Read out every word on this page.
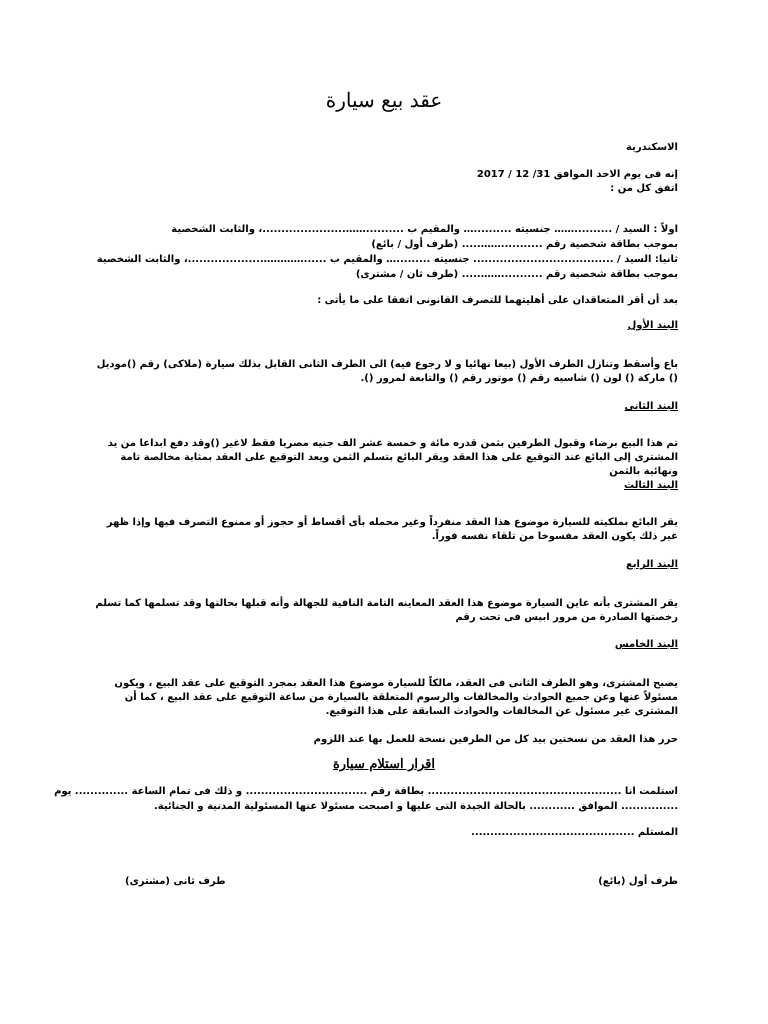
عقد بيع سيارة
الاسكندرية
إنه فى يوم الاحد الموافق 31/ 12 / 2017
اتفق كل من :
اولاً : السيد / ..........…… جنسيته ..........… والمقيم ب ..........……......................، والثابت الشخصية
بموجب بطاقة شخصية رقم ...........……..... (طرف أول / بائع)
ثانيا: السيد / ..................................... جنسيته .........… والمقيم ب ......…………....................، والثابت الشخصية
بموجب بطاقة شخصية رقم ...........……..... (طرف ثان / مشترى)
بعد أن أقر المتعاقدان على أهليتهما للتصرف القانونى اتفقا على ما يأتى :
البند الأول
باع وأسقط وتنازل الطرف الأول (بيعا نهائيا و لا رجوع فيه) الى الطرف الثانى القابل بذلك سيارة (ملاكى) رقم ()موديل () ماركة () لون () شاسيه رقم () موتور رقم () والتابعة لمرور ().
البند الثانى
تم هذا البيع برضاء وقبول الطرفين بثمن قدره مائة و خمسة عشر الف جنيه مصريا فقط لاغير ()وقد دفع ابداعا من يد المشترى إلى البائع عند التوقيع على هذا العقد ويقر البائع بتسلم الثمن ويعد التوقيع على العقد بمثابة مخالصة تامة ونهائية بالثمن
البند الثالث
يقر البائع بملكيته للسيارة موضوع هذا العقد منفرداً وغير محمله بأى أقساط أو حجوز أو ممنوع التصرف فيها وإذا ظهر غير ذلك يكون العقد مفسوخا من تلقاء نفسه فوراً.
البند الرابع
يقر المشترى بأنه عاين السيارة موضوع هذا العقد المعاينه التامة النافية للجهالة وأنه قبلها بحالتها وقد تسلمها كما تسلم رخصتها الصادرة من مرور ابيس فى تحت رقم
البند الخامس
يصبح المشترى، وهو الطرف الثانى فى العقد، مالكاً للسيارة موضوع هذا العقد بمجرد التوقيع على عقد البيع ، ويكون مسئولاً عنها وعن جميع الحوادث والمخالفات والرسوم المتعلقة بالسيارة من ساعة التوقيع على عقد البيع ، كما أن المشترى غير مسئول عن المخالفات والحوادث السابقة على هذا التوقيع.
حرر هذا العقد من نسختين بيد كل من الطرفين نسخة للعمل بها عند اللزوم
اقرار استلام سيارة
استلمت انا ................................................... بطاقة رقم ................................ و ذلك فى تمام الساعة .............. يوم
............... الموافق ............ بالحالة الجيدة التى عليها و اصبحت مسئولا عنها المسئولية المدنية و الجنائية.
المستلم ...........................................
طرف أول (بائع)
طرف ثانى (مشترى)
